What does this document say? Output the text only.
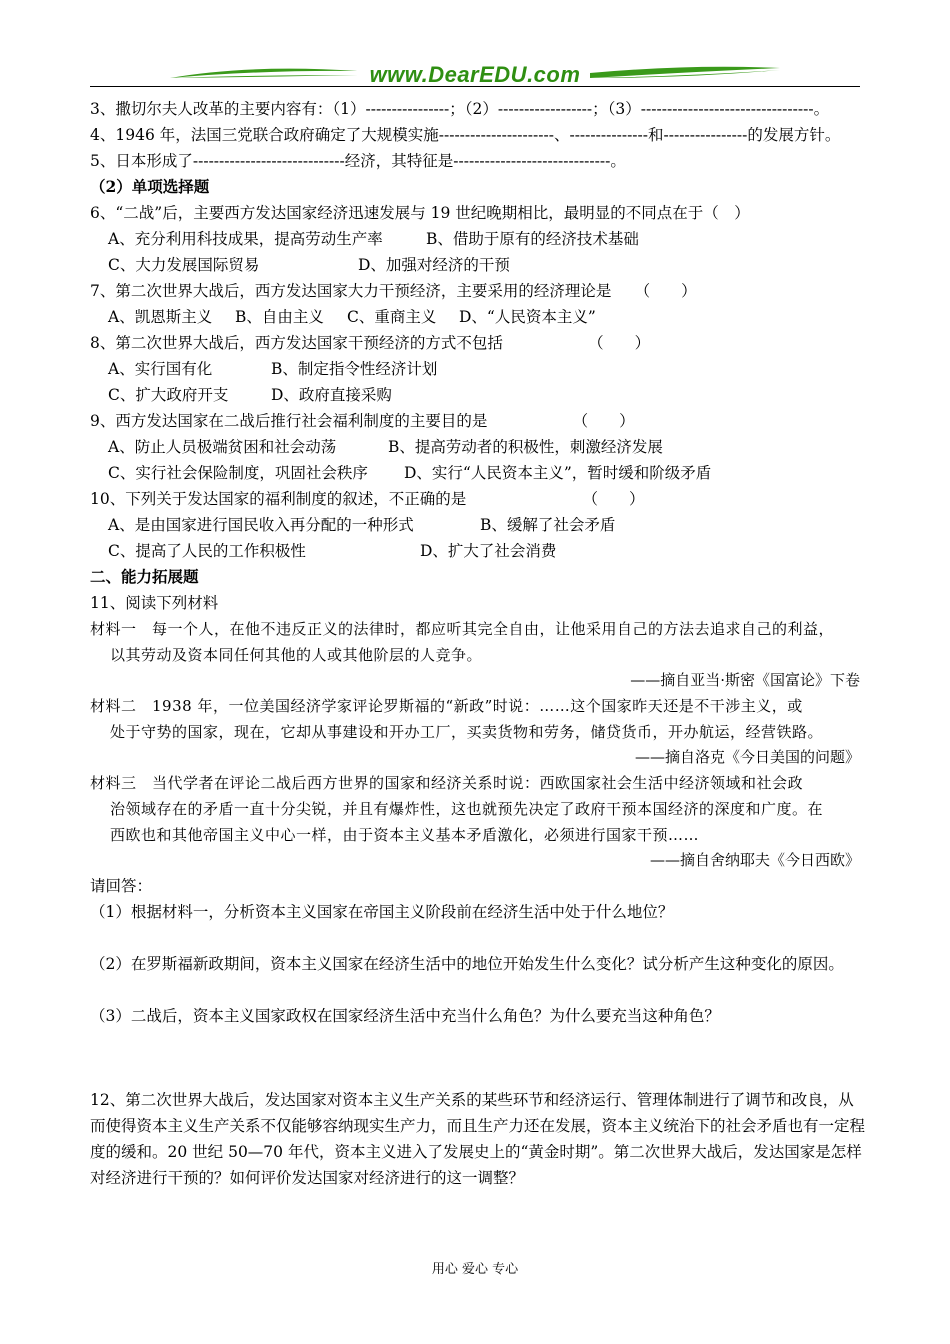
www.DearEDU.com
3、撒切尔夫人改革的主要内容有：（1）----------------；（2）------------------；（3）---------------------------------。
4、1946 年，法国三党联合政府确定了大规模实施----------------------、---------------和----------------的发展方针。
5、日本形成了-----------------------------经济，其特征是------------------------------。
（2）单项选择题
6、“二战”后，主要西方发达国家经济迅速发展与 19 世纪晚期相比，最明显的不同点在于（　）
A、充分利用科技成果，提高劳动生产率	B、借助于原有的经济技术基础
C、大力发展国际贸易	D、加强对经济的干预
7、第二次世界大战后，西方发达国家大力干预经济，主要采用的经济理论是　　（　　）
A、凯恩斯主义 B、自由主义 C、重商主义 D、“人民资本主义”
8、第二次世界大战后，西方发达国家干预经济的方式不包括　　　　　　（　　）
A、实行国有化	B、制定指令性经济计划
C、扩大政府开支	D、政府直接采购
9、西方发达国家在二战后推行社会福利制度的主要目的是　　　　　　（　　）
A、防止人员极端贫困和社会动荡	B、提高劳动者的积极性，刺激经济发展
C、实行社会保险制度，巩固社会秩序 D、实行“人民资本主义”，暂时缓和阶级矛盾
10、下列关于发达国家的福利制度的叙述，不正确的是　　　　　　　　（　　）
A、是由国家进行国民收入再分配的一种形式	B、缓解了社会矛盾
C、提高了人民的工作积极性	D、扩大了社会消费
二、能力拓展题
11、阅读下列材料
材料一　每一个人，在他不违反正义的法律时，都应听其完全自由，让他采用自己的方法去追求自己的利益，
以其劳动及资本同任何其他的人或其他阶层的人竞争。
——摘自亚当·斯密《国富论》下卷
材料二　1938 年，一位美国经济学家评论罗斯福的“新政”时说：……这个国家昨天还是不干涉主义，或
处于守势的国家，现在，它却从事建设和开办工厂，买卖货物和劳务，储贷货币，开办航运，经营铁路。
——摘自洛克《今日美国的问题》
材料三　当代学者在评论二战后西方世界的国家和经济关系时说：西欧国家社会生活中经济领域和社会政
治领域存在的矛盾一直十分尖锐，并且有爆炸性，这也就预先决定了政府干预本国经济的深度和广度。在
西欧也和其他帝国主义中心一样，由于资本主义基本矛盾激化，必须进行国家干预……
——摘自舍纳耶夫《今日西欧》
请回答：
（1）根据材料一，分析资本主义国家在帝国主义阶段前在经济生活中处于什么地位？
（2）在罗斯福新政期间，资本主义国家在经济生活中的地位开始发生什么变化？试分析产生这种变化的原因。
（3）二战后，资本主义国家政权在国家经济生活中充当什么角色？为什么要充当这种角色？
12、第二次世界大战后，发达国家对资本主义生产关系的某些环节和经济运行、管理体制进行了调节和改良，从而使得资本主义生产关系不仅能够容纳现实生产力，而且生产力还在发展，资本主义统治下的社会矛盾也有一定程度的缓和。20 世纪 50—70 年代，资本主义进入了发展史上的“黄金时期”。第二次世界大战后，发达国家是怎样对经济进行干预的？如何评价发达国家对经济进行的这一调整？
用心 爱心 专心
